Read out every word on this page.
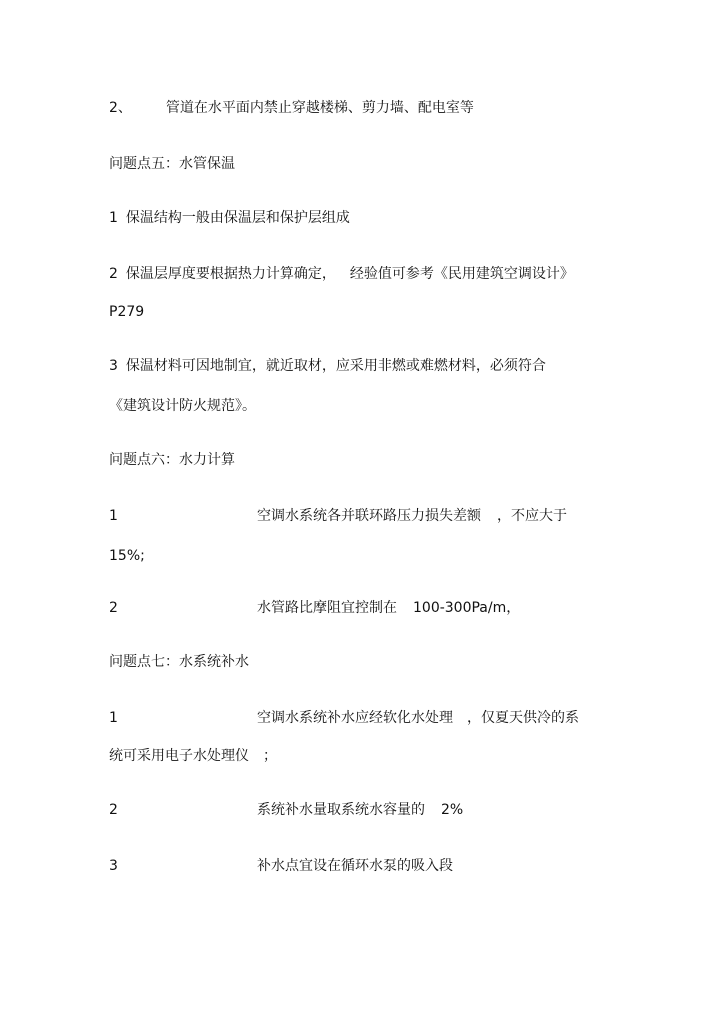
2、 管道在水平面内禁止穿越楼梯、剪力墙、配电室等
问题点五：水管保温
1 保温结构一般由保温层和保护层组成
2 保温层厚度要根据热力计算确定， 经验值可参考《民用建筑空调设计》
P279
3 保温材料可因地制宜，就近取材，应采用非燃或难燃材料，必须符合
《建筑设计防火规范》。
问题点六：水力计算
1	空调水系统各并联环路压力损失差额 ，不应大于
15%;
2	水管路比摩阻宜控制在 100-300Pa/m，
问题点七：水系统补水
1	空调水系统补水应经软化水处理 ，仅夏天供冷的系
统可采用电子水处理仪 ；
2	系统补水量取系统水容量的 2%
3	补水点宜设在循环水泵的吸入段
